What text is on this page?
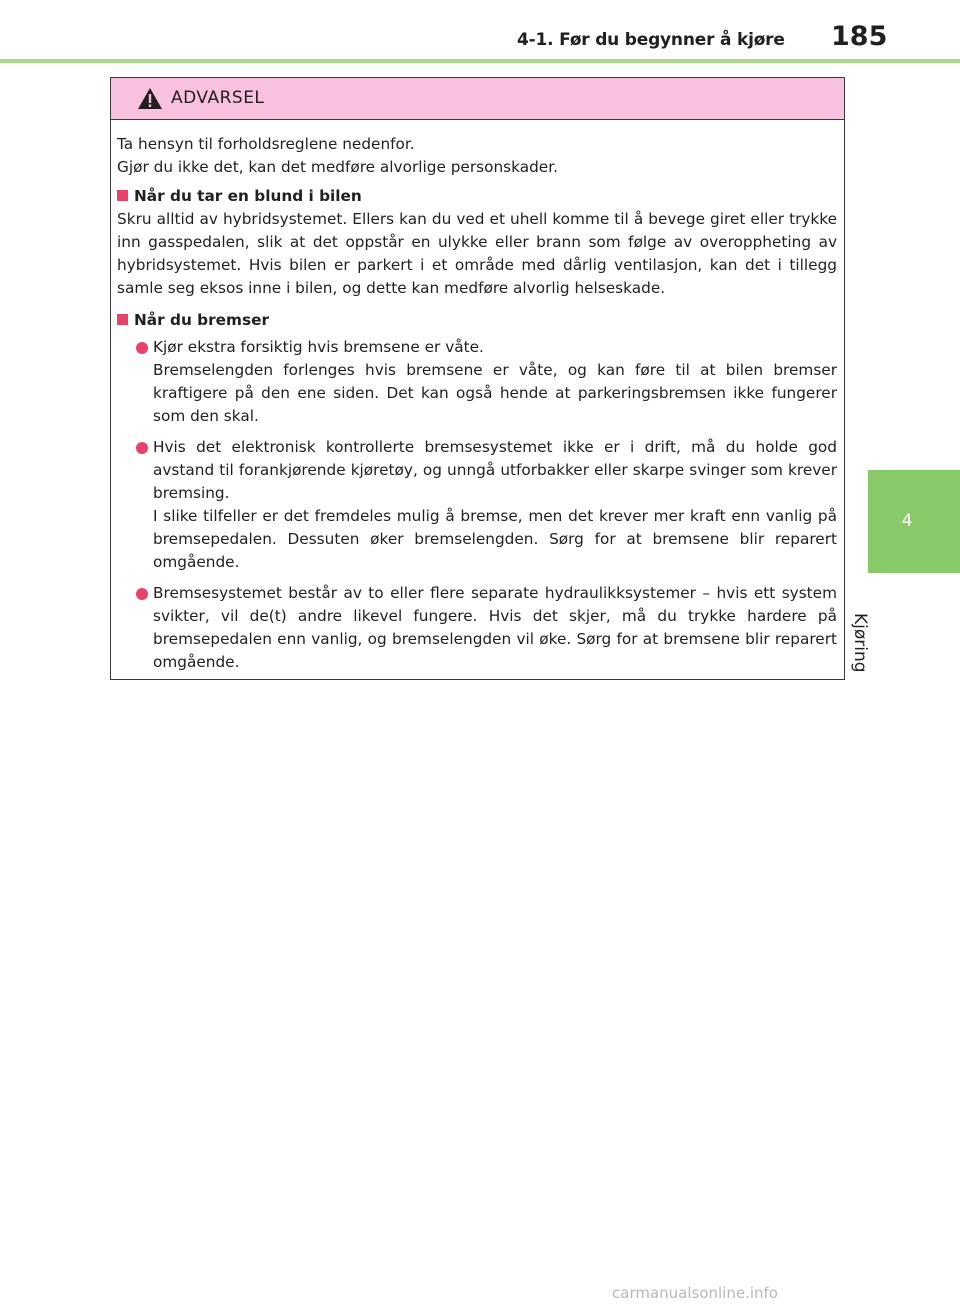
4-1. Før du begynner å kjøre 185
4
Kjøring
ADVARSEL

Ta hensyn til forholdsreglene nedenfor.

Gjør du ikke det, kan det medføre alvorlige personskader.

Når du tar en blund i bilen

Skru alltid av hybridsystemet. Ellers kan du ved et uhell komme til å bevege giret eller trykke inn gasspedalen, slik at det oppstår en ulykke eller brann som følge av overoppheting av hybridsystemet. Hvis bilen er parkert i et område med dårlig ventilasjon, kan det i tillegg samle seg eksos inne i bilen, og dette kan medføre alvorlig helseskade.

Når du bremser

Kjør ekstra forsiktig hvis bremsene er våte.

Bremselengden forlenges hvis bremsene er våte, og kan føre til at bilen bremser kraftigere på den ene siden. Det kan også hende at parkeringsbremsen ikke fungerer som den skal.

Hvis det elektronisk kontrollerte bremsesystemet ikke er i drift, må du holde god avstand til forankjørende kjøretøy, og unngå utforbakker eller skarpe svinger som krever bremsing.

I slike tilfeller er det fremdeles mulig å bremse, men det krever mer kraft enn vanlig på bremsepedalen. Dessuten øker bremselengden. Sørg for at bremsene blir reparert omgående.

Bremsesystemet består av to eller flere separate hydraulikksystemer – hvis ett system svikter, vil de(t) andre likevel fungere. Hvis det skjer, må du trykke hardere på bremsepedalen enn vanlig, og bremselengden vil øke. Sørg for at bremsene blir reparert omgående.

carmanualsonline.info
